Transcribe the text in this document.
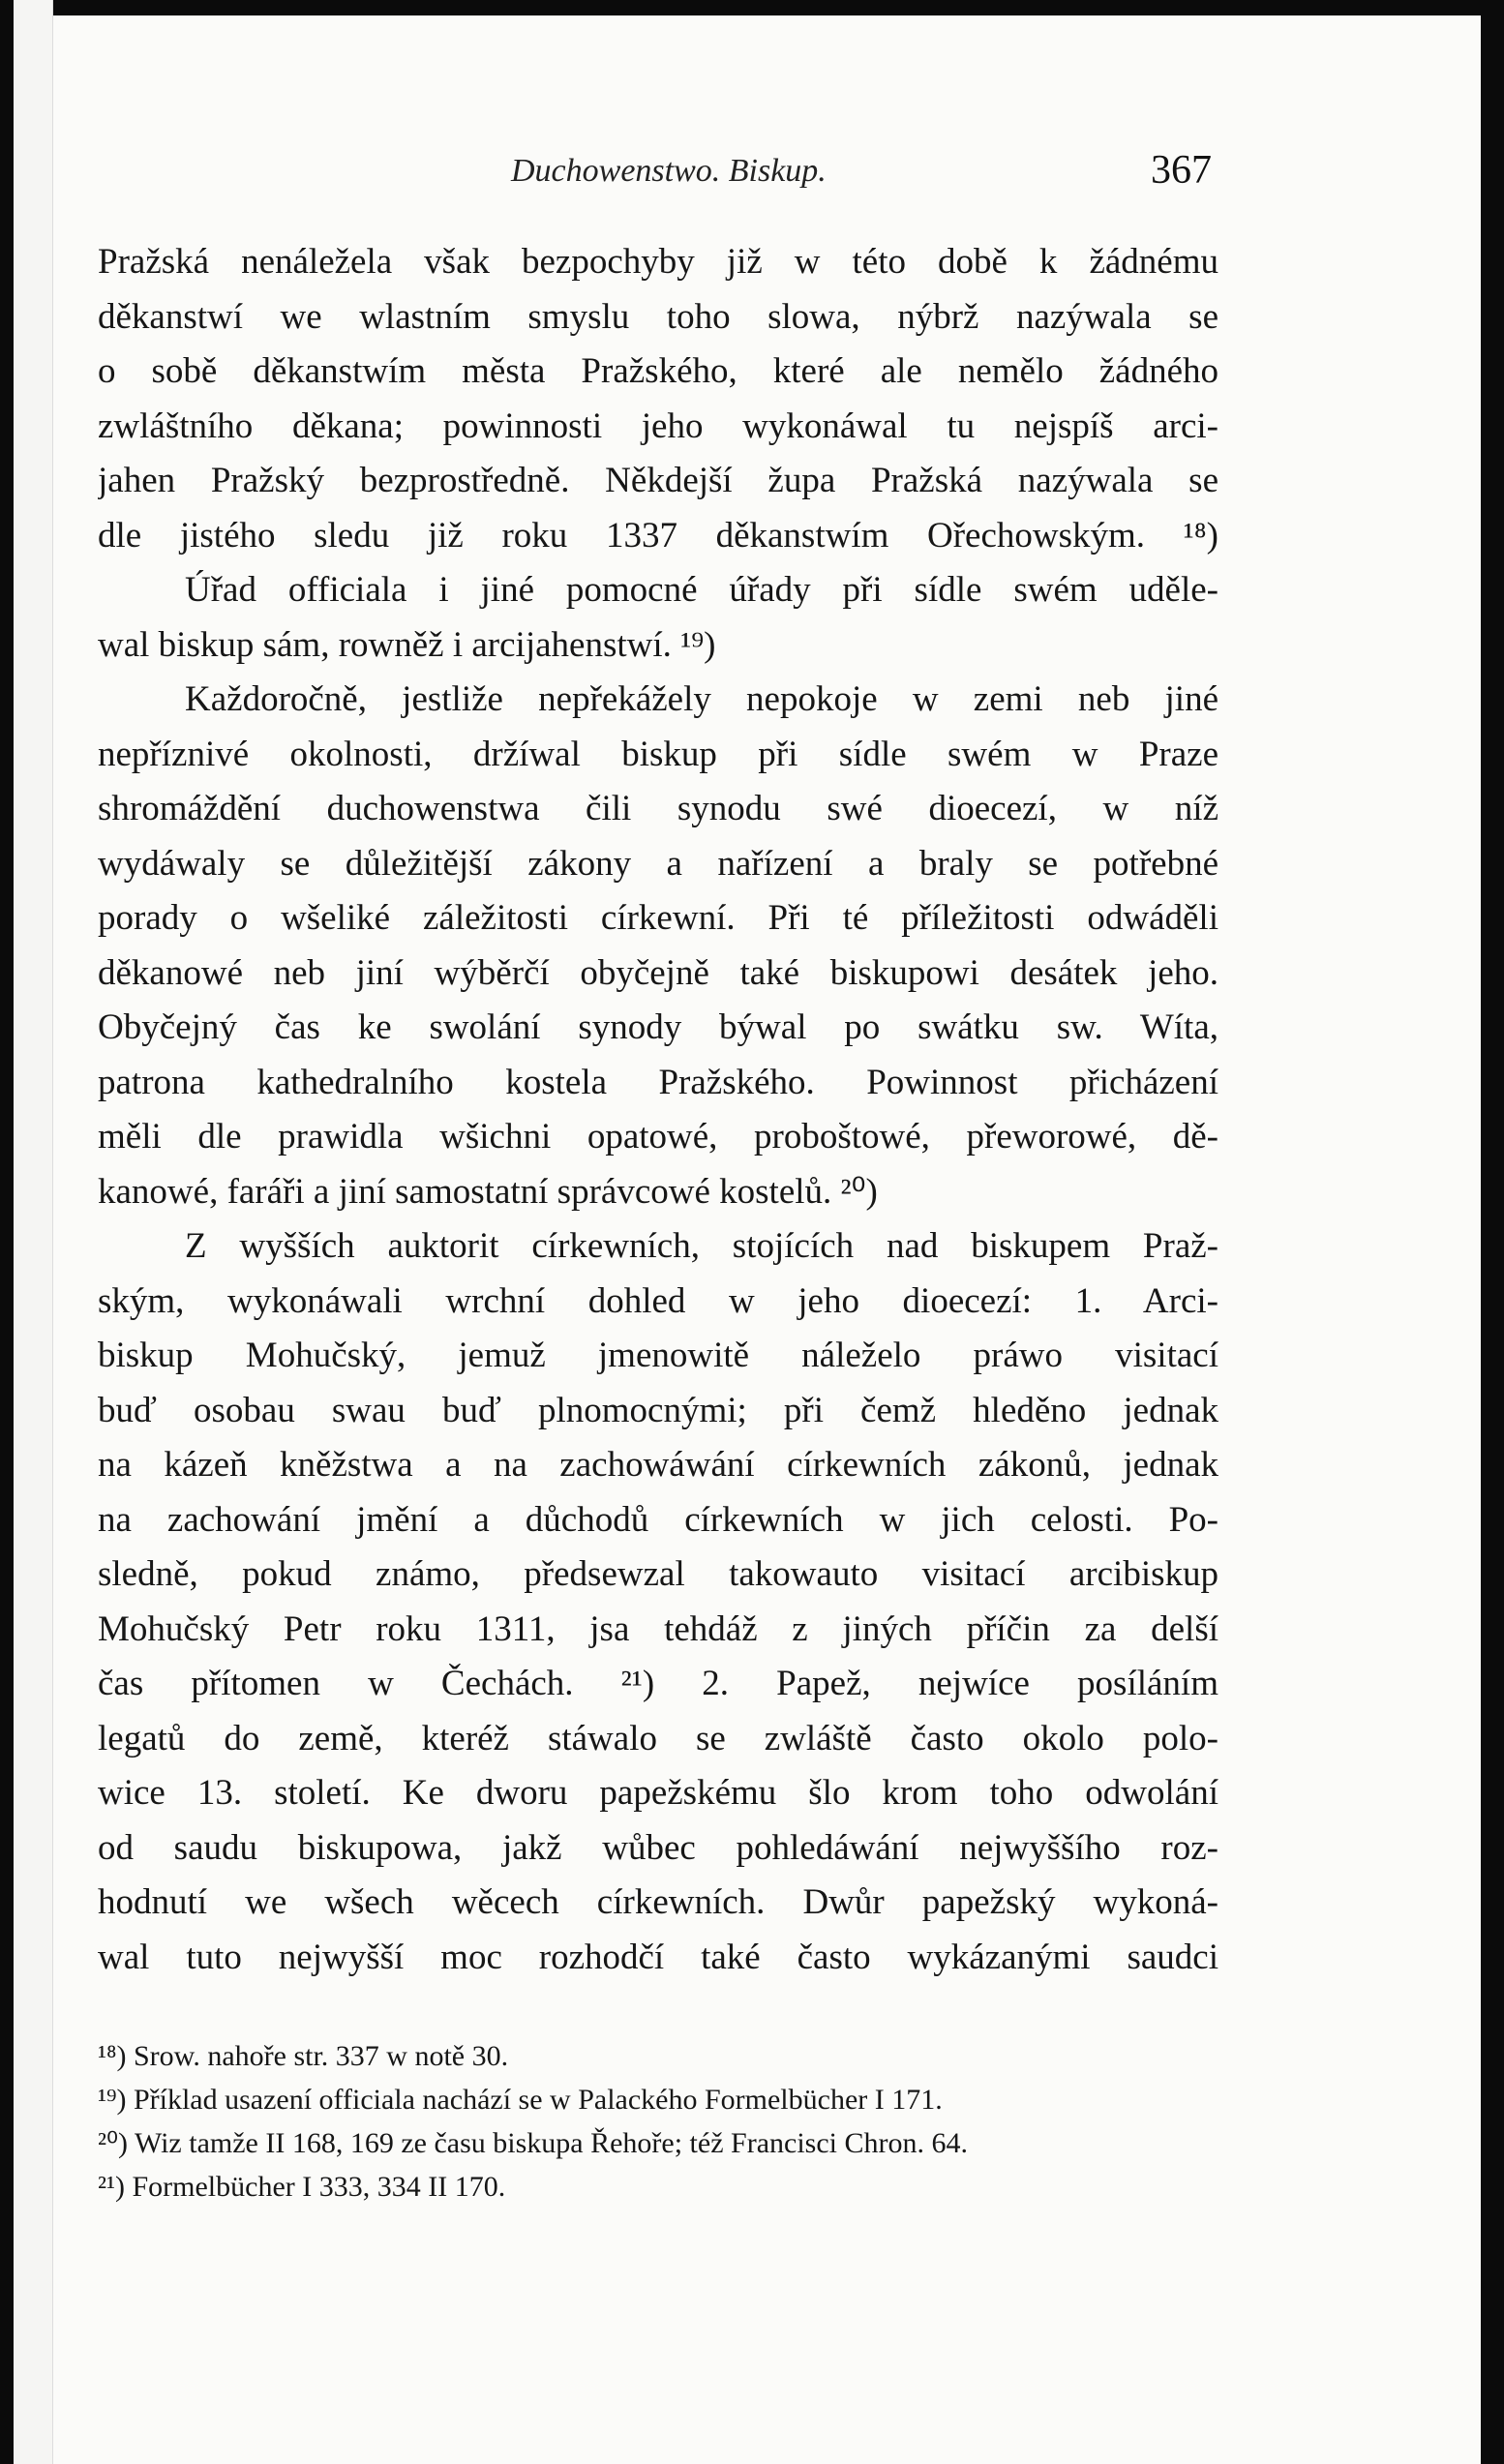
Duchowenstwo. Biskup.	367
Pražská nenáležela však bezpochyby již w této době k žádnému
děkanstwí we wlastním smyslu toho slowa, nýbrž nazýwala se
o sobě děkanstwím města Pražského, které ale nemělo žádného
zwláštního děkana; powinnosti jeho wykonáwal tu nejspíš arci-
jahen Pražský bezprostředně. Někdejší župa Pražská nazýwala se
dle jistého sledu již roku 1337 děkanstwím Ořechowským. ¹⁸)
Úřad officiala i jiné pomocné úřady při sídle swém uděle-
wal biskup sám, rowněž i arcijahenstwí. ¹⁹)
Každoročně, jestliže nepřekážely nepokoje w zemi neb jiné
nepříznivé okolnosti, držíwal biskup při sídle swém w Praze
shromáždění duchowenstwa čili synodu swé dioecezí, w níž
wydáwaly se důležitější zákony a nařízení a braly se potřebné
porady o wšeliké záležitosti církewní. Při té příležitosti odwáděli
děkanowé neb jiní wýběrčí obyčejně také biskupowi desátek jeho.
Obyčejný čas ke swolání synody býwal po swátku sw. Wíta,
patrona kathedralního kostela Pražského. Powinnost přicházení
měli dle prawidla wšichni opatowé, proboštowé, přeworowé, dě-
kanowé, faráři a jiní samostatní správcowé kostelů. ²⁰)
Z wyšších auktorit církewních, stojících nad biskupem Praž-
ským, wykonáwali wrchní dohled w jeho dioecezí: 1. Arci-
biskup Mohučský, jemuž jmenowitě náleželo práwo visitací
buď osobau swau buď plnomocnými; při čemž hleděno jednak
na kázeň kněžstwa a na zachowáwání církewních zákonů, jednak
na zachowání jmění a důchodů církewních w jich celosti. Po-
sledně, pokud známo, předsewzal takowauto visitací arcibiskup
Mohučský Petr roku 1311, jsa tehdáž z jiných příčin za delší
čas přítomen w Čechách. ²¹) 2. Papež, nejwíce posíláním
legatů do země, kteréž stáwalo se zwláště často okolo polo-
wice 13. století. Ke dworu papežskému šlo krom toho odwolání
od saudu biskupowa, jakž wůbec pohledáwání nejwyššího roz-
hodnutí we wšech wěcech církewních. Dwůr papežský wykoná-
wal tuto nejwyšší moc rozhodčí také často wykázanými saudci
¹⁸) Srow. nahoře str. 337 w notě 30.
¹⁹) Příklad usazení officiala nachází se w Palackého Formelbücher I 171.
²⁰) Wiz tamže II 168, 169 ze času biskupa Řehoře; též Francisci Chron. 64.
²¹) Formelbücher I 333, 334 II 170.
